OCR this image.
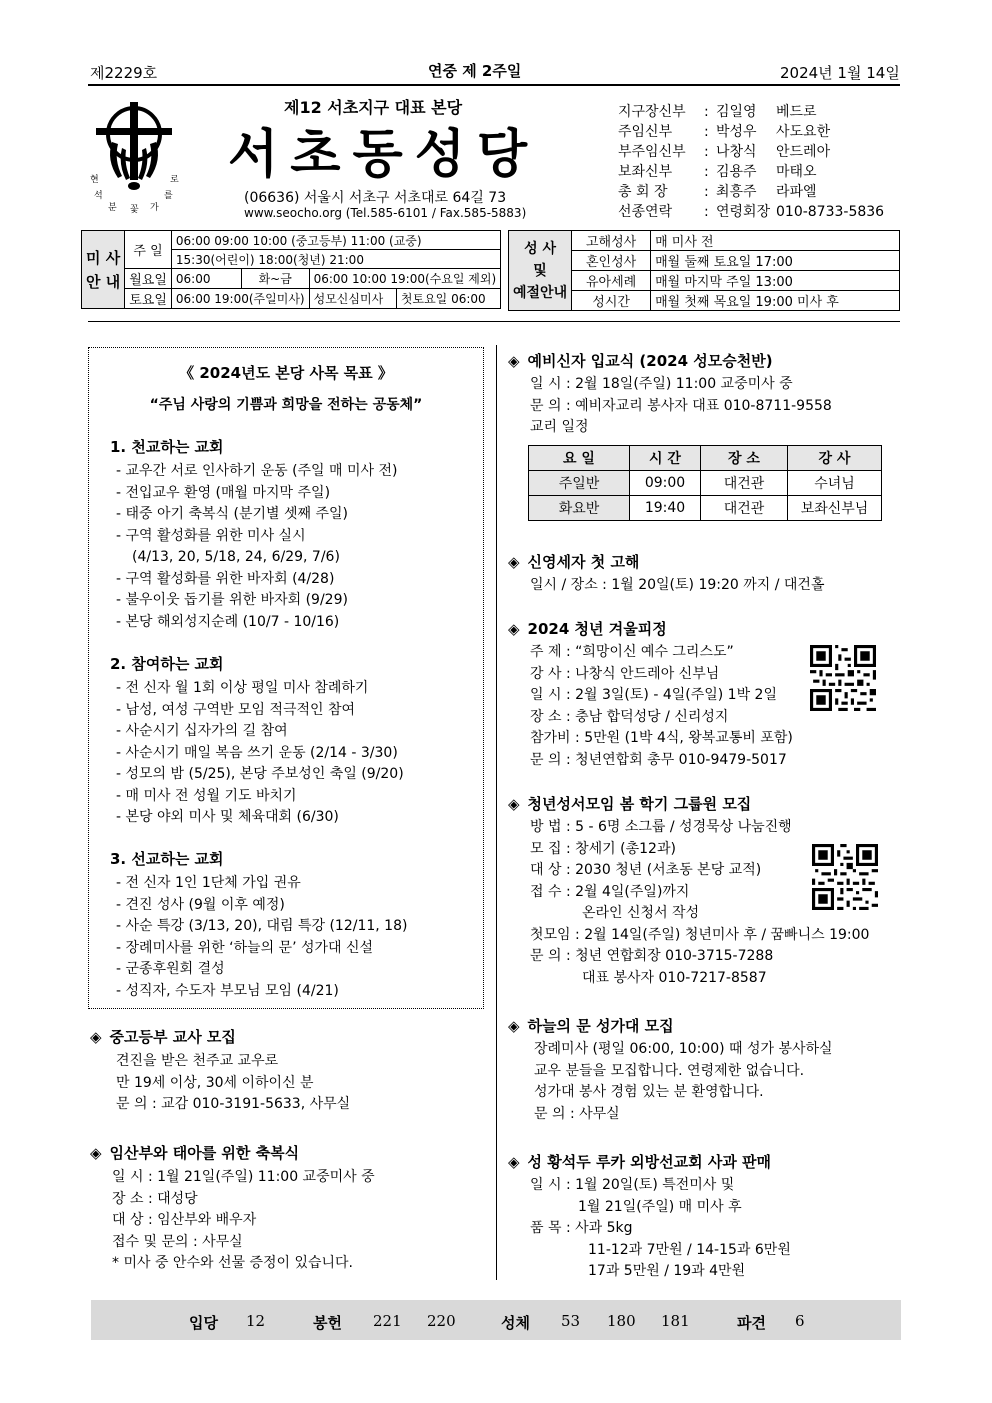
제2229호	연중 제 2주일	2024년 1월 14일
현	로
석	를
분 꽃 가
제12 서초지구 대표 본당
서초동성당
(06636) 서울시 서초구 서초대로 64길 73
www.seocho.org (Tel.585-6101 / Fax.585-5883)
지구장신부	: 김일영	베드로
주임신부	: 박성우	사도요한
부주임신부	: 나창식	안드레아
보좌신부	: 김용주	마태오
총 회 장	: 최흥주	라파엘
선종연락	: 연령회장 010-8733-5836
미 사
안 내	주 일	06:00 09:00 10:00 (중고등부) 11:00 (교중)			
		15:30(어린이) 18:00(청년) 21:00			
	월요일	06:00	화~금	06:00 10:00 19:00(수요일 제외)	
	토요일	06:00 19:00(주일미사)		성모신심미사	첫토요일 06:00
성 사
및
예절안내	고해성사	매 미사 전
	혼인성사	매월 둘째 토요일 17:00
	유아세례	매월 마지막 주일 13:00
	성시간	매월 첫째 목요일 19:00 미사 후
《 2024년도 본당 사목 목표 》
“주님 사랑의 기쁨과 희망을 전하는 공동체”
1. 천교하는 교회
- 교우간 서로 인사하기 운동 (주일 매 미사 전)
- 전입교우 환영 (매월 마지막 주일)
- 태중 아기 축복식 (분기별 셋째 주일)
- 구역 활성화를 위한 미사 실시
(4/13, 20, 5/18, 24, 6/29, 7/6)
- 구역 활성화를 위한 바자회 (4/28)
- 불우이웃 돕기를 위한 바자회 (9/29)
- 본당 해외성지순례 (10/7 - 10/16)
2. 참여하는 교회
- 전 신자 월 1회 이상 평일 미사 참례하기
- 남성, 여성 구역반 모임 적극적인 참여
- 사순시기 십자가의 길 참여
- 사순시기 매일 복음 쓰기 운동 (2/14 - 3/30)
- 성모의 밤 (5/25), 본당 주보성인 축일 (9/20)
- 매 미사 전 성월 기도 바치기
- 본당 야외 미사 및 체육대회 (6/30)
3. 선교하는 교회
- 전 신자 1인 1단체 가입 권유
- 견진 성사 (9월 이후 예정)
- 사순 특강 (3/13, 20), 대림 특강 (12/11, 18)
- 장례미사를 위한 ‘하늘의 문’ 성가대 신설
- 군종후원회 결성
- 성직자, 수도자 부모님 모임 (4/21)
◈ 중고등부 교사 모집
견진을 받은 천주교 교우로
만 19세 이상, 30세 이하이신 분
문 의 : 교감 010-3191-5633, 사무실
◈ 임산부와 태아를 위한 축복식
일 시 : 1월 21일(주일) 11:00 교중미사 중
장 소 : 대성당
대 상 : 임산부와 배우자
접수 및 문의 : 사무실
* 미사 중 안수와 선물 증정이 있습니다.
◈ 예비신자 입교식 (2024 성모승천반)
일 시 : 2월 18일(주일) 11:00 교중미사 중
문 의 : 예비자교리 봉사자 대표 010-8711-9558
교리 일정
요 일	시 간	장 소	강 사
주일반	09:00	대건관	수녀님
화요반	19:40	대건관	보좌신부님
◈ 신영세자 첫 고해
일시 / 장소 : 1월 20일(토) 19:20 까지 / 대건홀
◈ 2024 청년 겨울피정
주 제 : “희망이신 예수 그리스도”
강 사 : 나창식 안드레아 신부님
일 시 : 2월 3일(토) - 4일(주일) 1박 2일
장 소 : 충남 합덕성당 / 신리성지
참가비 : 5만원 (1박 4식, 왕복교통비 포함)
문 의 : 청년연합회 총무 010-9479-5017
◈ 청년성서모임 봄 학기 그룹원 모집
방 법 : 5 - 6명 소그룹 / 성경묵상 나눔진행
모 집 : 창세기 (총12과)
대 상 : 2030 청년 (서초동 본당 교적)
접 수 : 2월 4일(주일)까지
온라인 신청서 작성
첫모임 : 2월 14일(주일) 청년미사 후 / 꿈빠니스 19:00
문 의 : 청년 연합회장 010-3715-7288
대표 봉사자 010-7217-8587
◈ 하늘의 문 성가대 모집
장례미사 (평일 06:00, 10:00) 때 성가 봉사하실
교우 분들을 모집합니다. 연령제한 없습니다.
성가대 봉사 경험 있는 분 환영합니다.
문 의 : 사무실
◈ 성 황석두 루카 외방선교회 사과 판매
일 시 : 1월 20일(토) 특전미사 및
1월 21일(주일) 매 미사 후
품 목 : 사과 5kg
11-12과 7만원 / 14-15과 6만원
17과 5만원 / 19과 4만원
입당 12	봉헌 221 220	성체 53 180 181	파견 6
